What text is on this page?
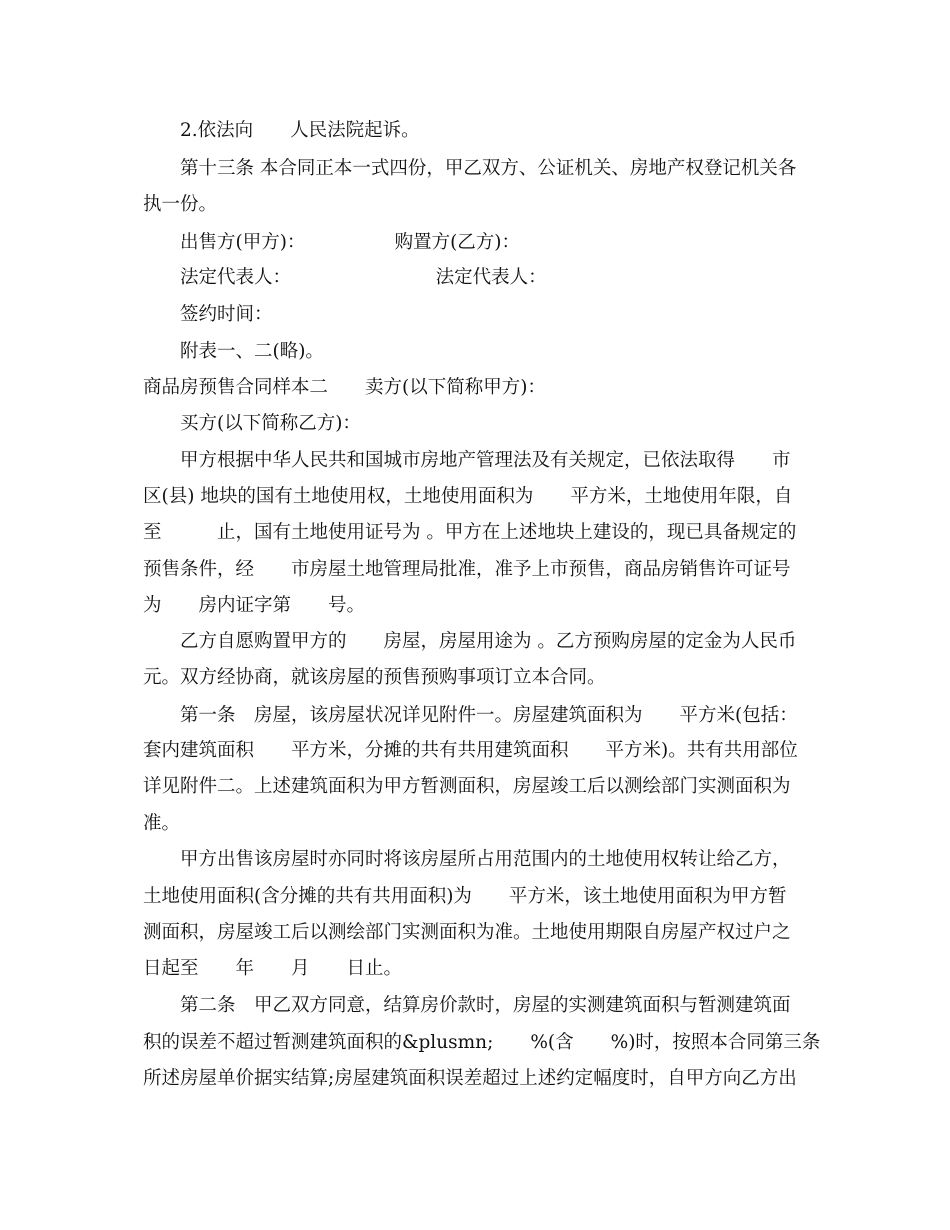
2.依法向　　人民法院起诉。

第十三条 本合同正本一式四份，甲乙双方、公证机关、房地产权登记机关各

执一份。

出售方(甲方)：　　　　　 购置方(乙方)：

法定代表人：　　　　　　　　 法定代表人：

签约时间：

附表一、二(略)。

商品房预售合同样本二　　卖方(以下简称甲方)：

买方(以下简称乙方)：

甲方根据中华人民共和国城市房地产管理法及有关规定，已依法取得　　市

区(县) 地块的国有土地使用权，土地使用面积为　　平方米，土地使用年限，自

至　　　止，国有土地使用证号为 。甲方在上述地块上建设的，现已具备规定的

预售条件，经　　市房屋土地管理局批准，准予上市预售，商品房销售许可证号

为　　房内证字第　　号。

乙方自愿购置甲方的　　房屋，房屋用途为 。乙方预购房屋的定金为人民币

元。双方经协商，就该房屋的预售预购事项订立本合同。

第一条　房屋，该房屋状况详见附件一。房屋建筑面积为　　平方米(包括：

套内建筑面积　　平方米，分摊的共有共用建筑面积　　平方米)。共有共用部位

详见附件二。上述建筑面积为甲方暂测面积，房屋竣工后以测绘部门实测面积为

准。

甲方出售该房屋时亦同时将该房屋所占用范围内的土地使用权转让给乙方，

土地使用面积(含分摊的共有共用面积)为　　平方米，该土地使用面积为甲方暂

测面积，房屋竣工后以测绘部门实测面积为准。土地使用期限自房屋产权过户之

日起至　　年　　月　　日止。

第二条　甲乙双方同意，结算房价款时，房屋的实测建筑面积与暂测建筑面

积的误差不超过暂测建筑面积的&plusmn;　　%(含　　%)时，按照本合同第三条

所述房屋单价据实结算;房屋建筑面积误差超过上述约定幅度时，自甲方向乙方出
